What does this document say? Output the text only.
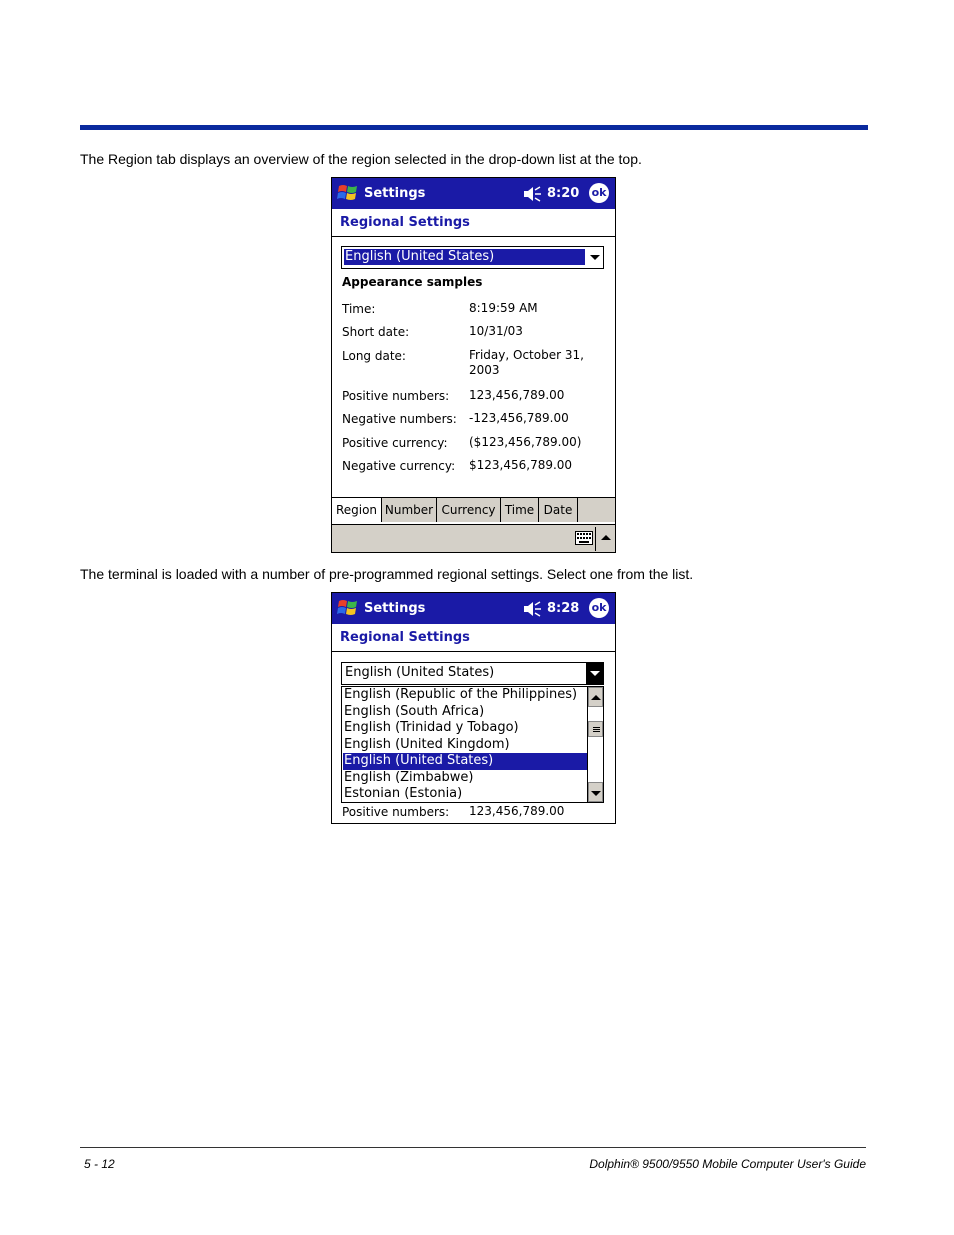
The Region tab displays an overview of the region selected in the drop-down list at the top.

Settings	8:20 ok
Regional Settings
English (United States)
Appearance samples
Time:	8:19:59 AM
Short date:	10/31/03
Long date:	Friday, October 31,
2003
Positive numbers: 123,456,789.00
Negative numbers: -123,456,789.00
Positive currency: ($123,456,789.00)
Negative currency: $123,456,789.00
Region Number Currency Time Date

The terminal is loaded with a number of pre-programmed regional settings. Select one from the list.

Settings	8:28 ok
Regional Settings
English (United States)
English (Republic of the Philippines)
English (South Africa)
English (Trinidad y Tobago)
English (United Kingdom)
English (United States)
English (Zimbabwe)
Estonian (Estonia)
Positive numbers: 123,456,789.00
5 - 12	Dolphin® 9500/9550 Mobile Computer User's Guide
